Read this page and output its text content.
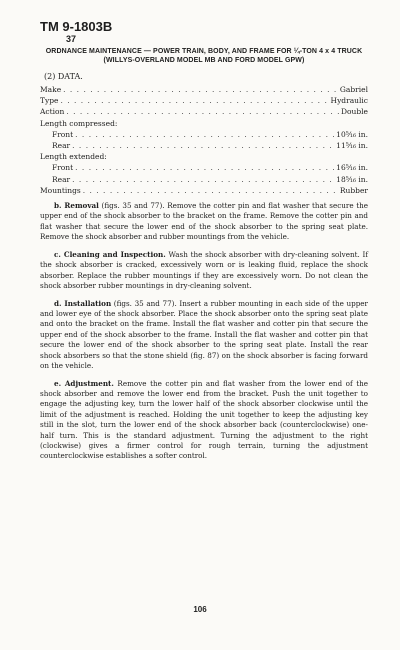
TM 9-1803B
37
ORDNANCE MAINTENANCE — POWER TRAIN, BODY, AND FRAME FOR ¼-TON 4 x 4 TRUCK
(WILLYS-OVERLAND MODEL MB AND FORD MODEL GPW)
(2) DATA.
Make . . .	Gabriel
Type . . .	Hydraulic
Action . . .	Double
Length compressed:
Front . . .	10⁵⁄₁₆ in.
Rear . . .	11⁵⁄₁₆ in.
Length extended:
Front . . .	16⁵⁄₁₆ in.
Rear . . .	18⁵⁄₁₆ in.
Mountings . . .	Rubber

b. Removal (figs. 35 and 77). Remove the cotter pin and flat washer that secure the upper end of the shock absorber to the bracket on the frame. Remove the cotter pin and flat washer that secure the lower end of the shock absorber to the spring seat plate. Remove the shock absorber and rubber mountings from the vehicle.

c. Cleaning and Inspection. Wash the shock absorber with dry-cleaning solvent. If the shock absorber is cracked, excessively worn or is leaking fluid, replace the shock absorber. Replace the rubber mountings if they are excessively worn. Do not clean the shock absorber rubber mountings in dry-cleaning solvent.

d. Installation (figs. 35 and 77). Insert a rubber mounting in each side of the upper and lower eye of the shock absorber. Place the shock absorber onto the spring seat plate and onto the bracket on the frame. Install the flat washer and cotter pin that secure the upper end of the shock absorber to the frame. Install the flat washer and cotter pin that secure the lower end of the shock absorber to the spring seat plate. Install the rear shock absorbers so that the stone shield (fig. 87) on the shock absorber is facing forward on the vehicle.

e. Adjustment. Remove the cotter pin and flat washer from the lower end of the shock absorber and remove the lower end from the bracket. Push the unit together to engage the adjusting key, turn the lower half of the shock absorber clockwise until the limit of the adjustment is reached. Holding the unit together to keep the adjusting key still in the slot, turn the lower end of the shock absorber back (counterclockwise) one-half turn. This is the standard adjustment. Turning the adjustment to the right (clockwise) gives a firmer control for rough terrain, turning the adjustment counterclockwise establishes a softer control.

106
